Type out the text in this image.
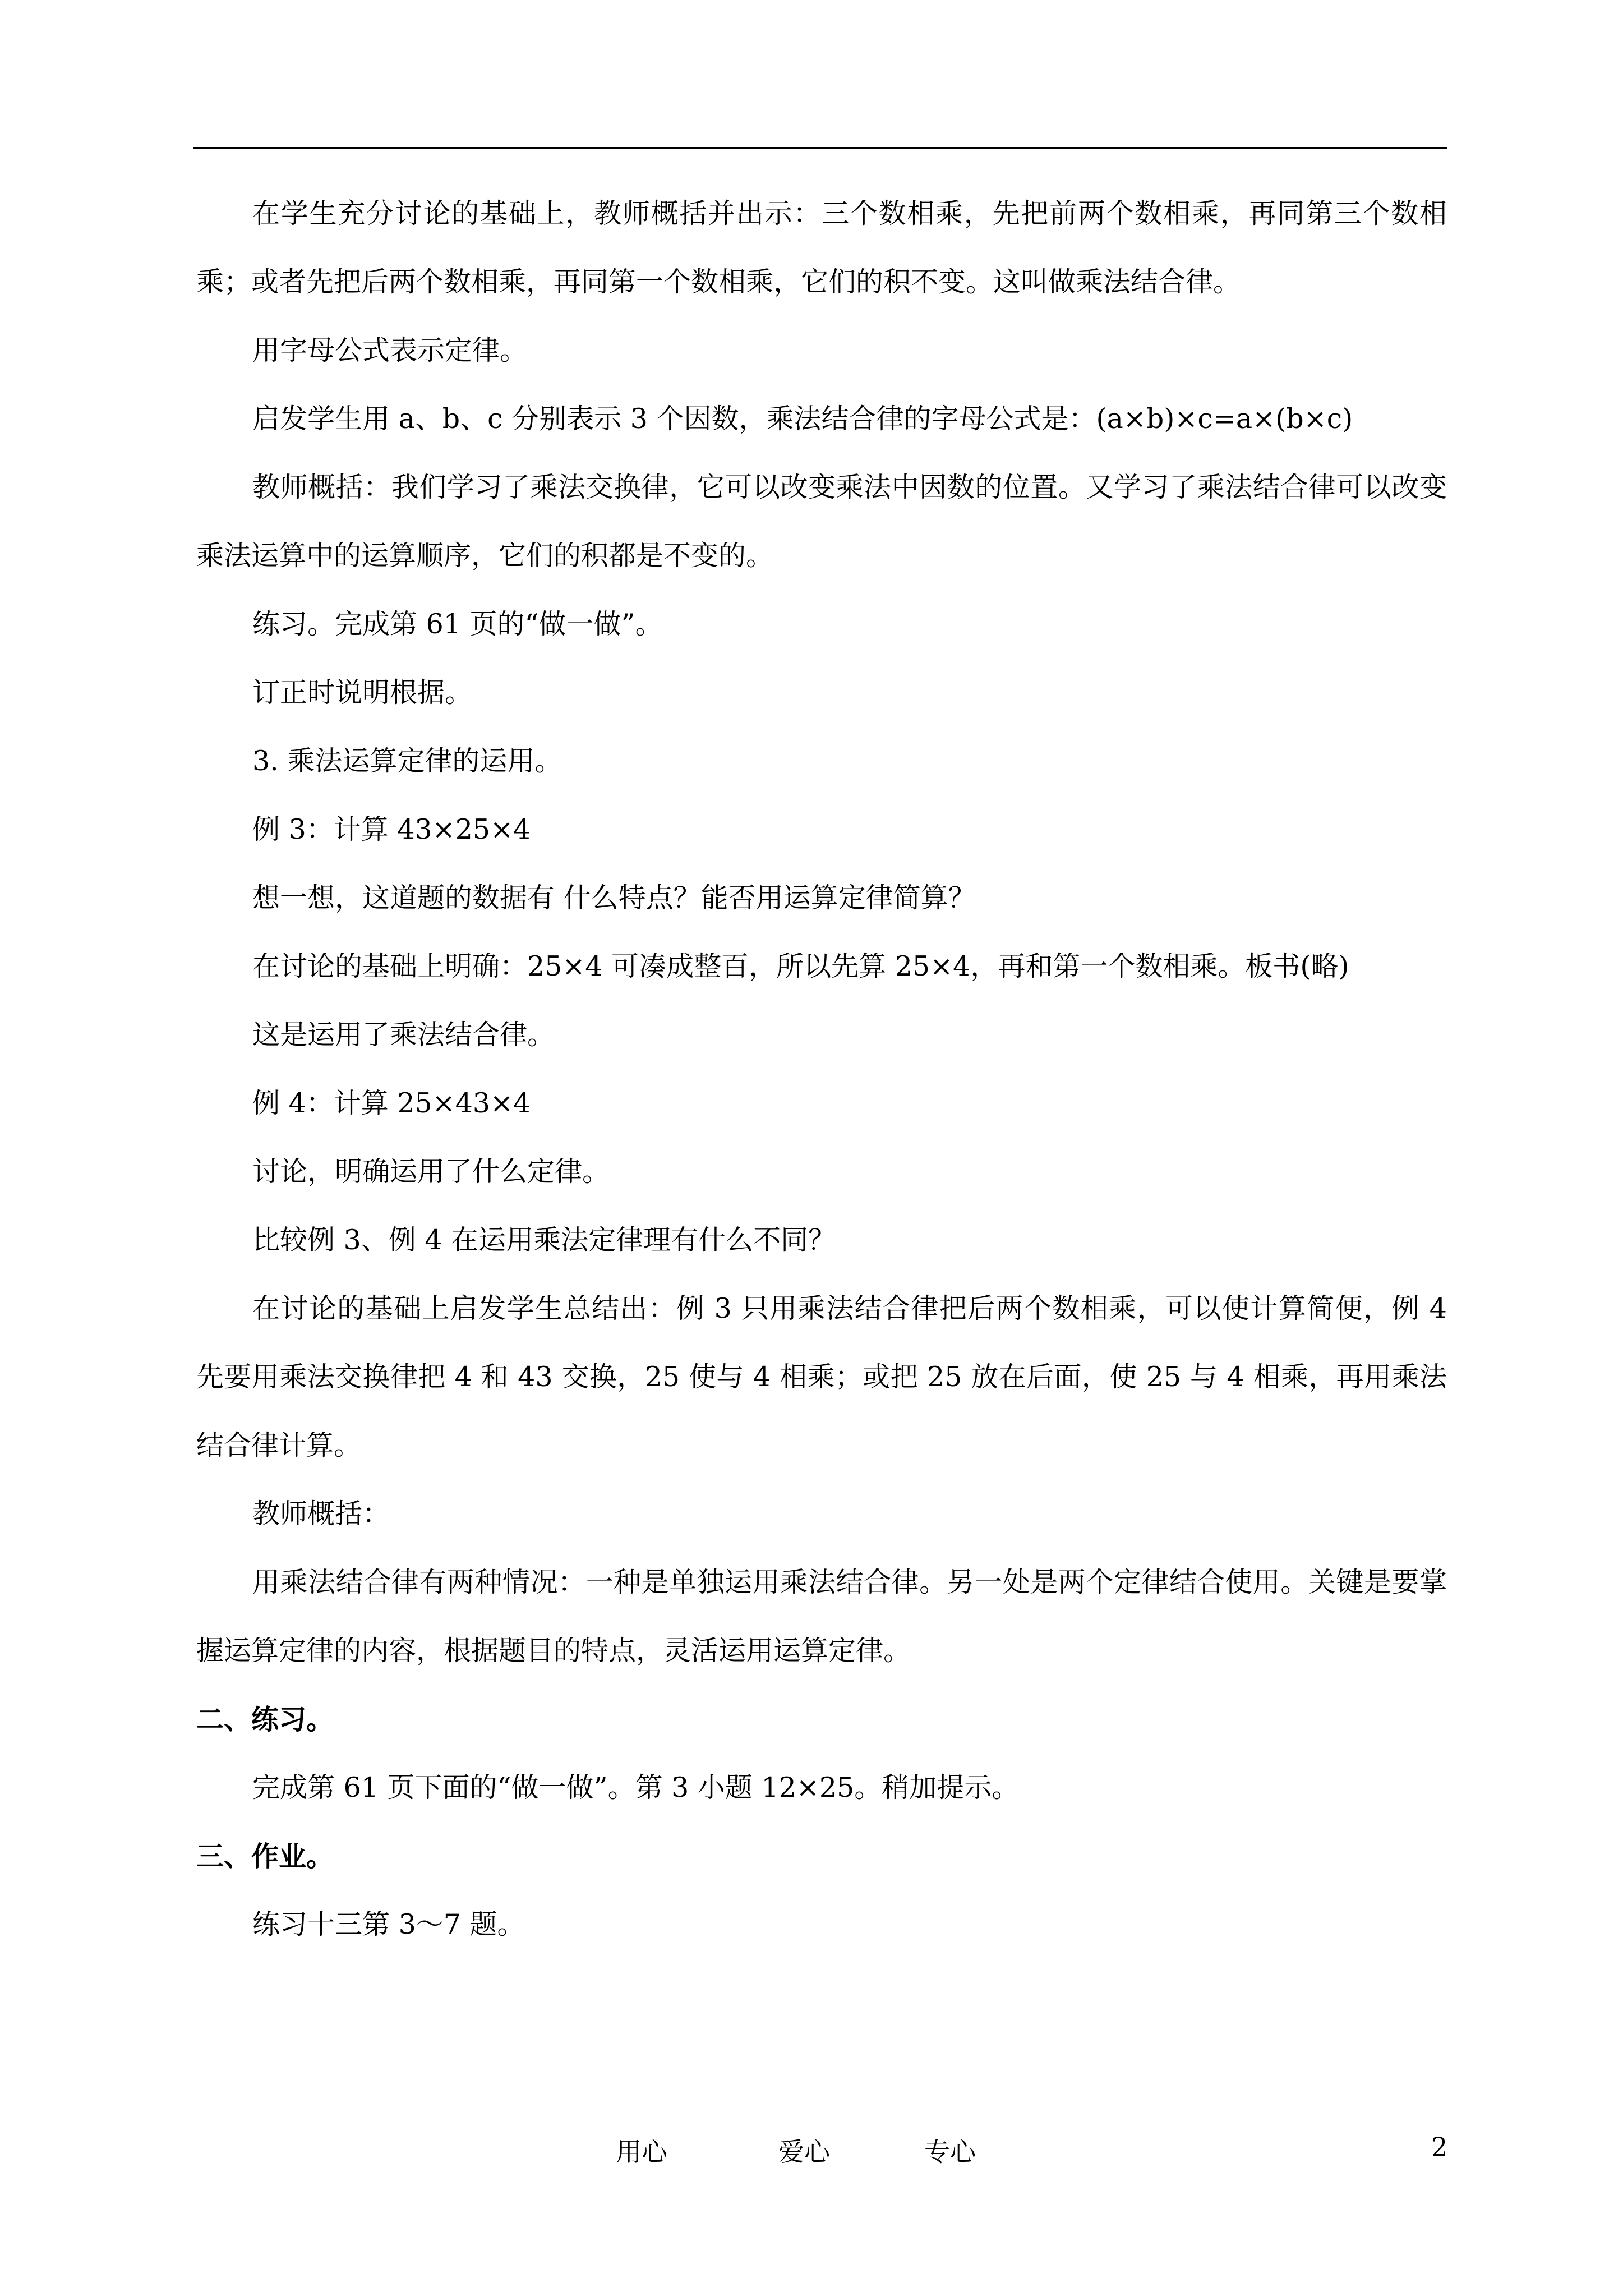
在学生充分讨论的基础上，教师概括并出示：三个数相乘，先把前两个数相乘，再同第三个数相乘；或者先把后两个数相乘，再同第一个数相乘，它们的积不变。这叫做乘法结合律。

用字母公式表示定律。

启发学生用 a、b、c 分别表示 3 个因数，乘法结合律的字母公式是：(a×b)×c=a×(b×c)

教师概括：我们学习了乘法交换律，它可以改变乘法中因数的位置。又学习了乘法结合律可以改变乘法运算中的运算顺序，它们的积都是不变的。

练习。完成第 61 页的“做一做”。

订正时说明根据。

3. 乘法运算定律的运用。

例 3：计算 43×25×4

想一想，这道题的数据有 什么特点？能否用运算定律简算？

在讨论的基础上明确：25×4 可凑成整百，所以先算 25×4，再和第一个数相乘。板书(略)

这是运用了乘法结合律。

例 4：计算 25×43×4

讨论，明确运用了什么定律。

比较例 3、例 4 在运用乘法定律理有什么不同？

在讨论的基础上启发学生总结出：例 3 只用乘法结合律把后两个数相乘，可以使计算简便，例 4 先要用乘法交换律把 4 和 43 交换，25 使与 4 相乘；或把 25 放在后面，使 25 与 4 相乘，再用乘法结合律计算。

教师概括：

用乘法结合律有两种情况：一种是单独运用乘法结合律。另一处是两个定律结合使用。关键是要掌握运算定律的内容，根据题目的特点，灵活运用运算定律。

二、练习。

完成第 61 页下面的“做一做”。第 3 小题 12×25。稍加提示。

三、作业。

练习十三第 3～7 题。

用心	爱心	专心	2
